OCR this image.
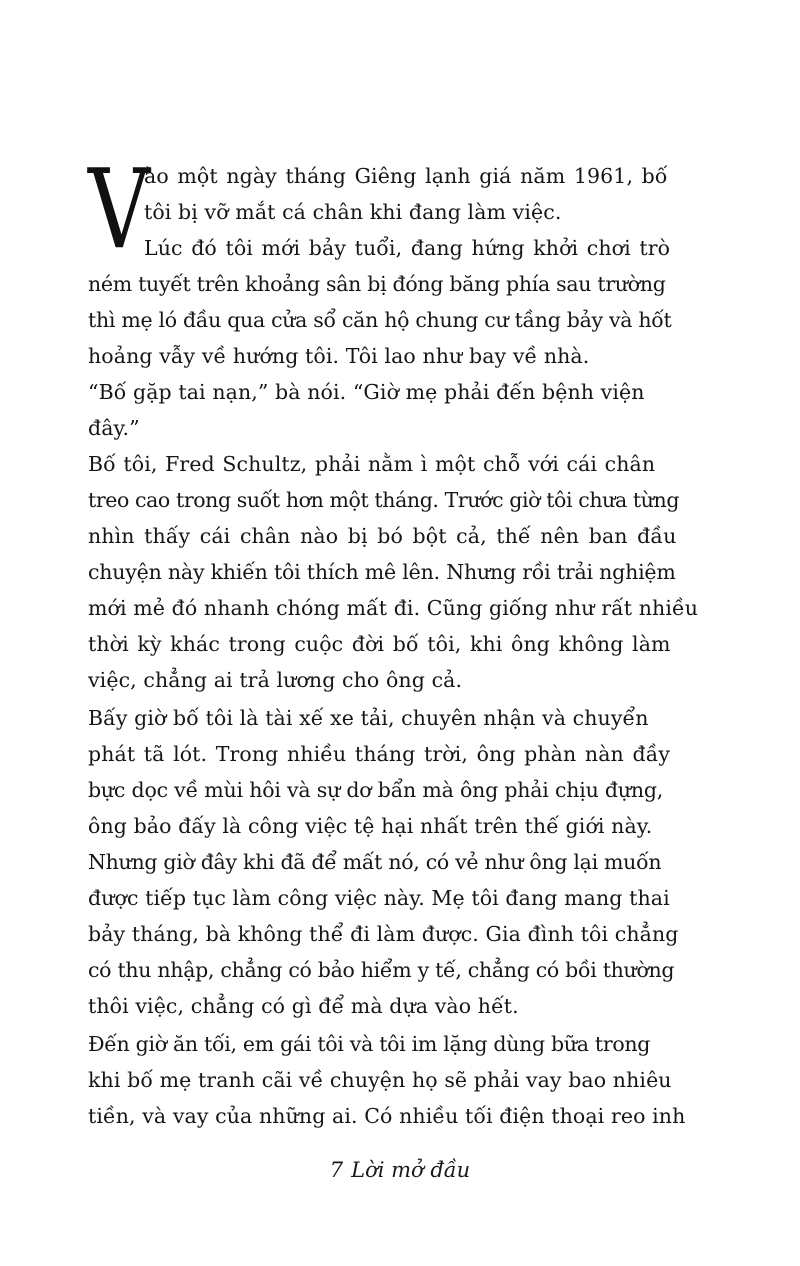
V
ào một ngày tháng Giêng lạnh giá năm 1961, bố
tôi bị vỡ mắt cá chân khi đang làm việc.
Lúc đó tôi mới bảy tuổi, đang hứng khởi chơi trò
ném tuyết trên khoảng sân bị đóng băng phía sau trường
thì mẹ ló đầu qua cửa sổ căn hộ chung cư tầng bảy và hốt
hoảng vẫy về hướng tôi. Tôi lao như bay về nhà.
“Bố gặp tai nạn,” bà nói. “Giờ mẹ phải đến bệnh viện
đây.”
Bố tôi, Fred Schultz, phải nằm ì một chỗ với cái chân
treo cao trong suốt hơn một tháng. Trước giờ tôi chưa từng
nhìn thấy cái chân nào bị bó bột cả, thế nên ban đầu
chuyện này khiến tôi thích mê lên. Nhưng rồi trải nghiệm
mới mẻ đó nhanh chóng mất đi. Cũng giống như rất nhiều
thời kỳ khác trong cuộc đời bố tôi, khi ông không làm
việc, chẳng ai trả lương cho ông cả.
Bấy giờ bố tôi là tài xế xe tải, chuyên nhận và chuyển
phát tã lót. Trong nhiều tháng trời, ông phàn nàn đầy
bực dọc về mùi hôi và sự dơ bẩn mà ông phải chịu đựng,
ông bảo đấy là công việc tệ hại nhất trên thế giới này.
Nhưng giờ đây khi đã để mất nó, có vẻ như ông lại muốn
được tiếp tục làm công việc này. Mẹ tôi đang mang thai
bảy tháng, bà không thể đi làm được. Gia đình tôi chẳng
có thu nhập, chẳng có bảo hiểm y tế, chẳng có bồi thường
thôi việc, chẳng có gì để mà dựa vào hết.
Đến giờ ăn tối, em gái tôi và tôi im lặng dùng bữa trong
khi bố mẹ tranh cãi về chuyện họ sẽ phải vay bao nhiêu
tiền, và vay của những ai. Có nhiều tối điện thoại reo inh
7 Lời mở đầu
